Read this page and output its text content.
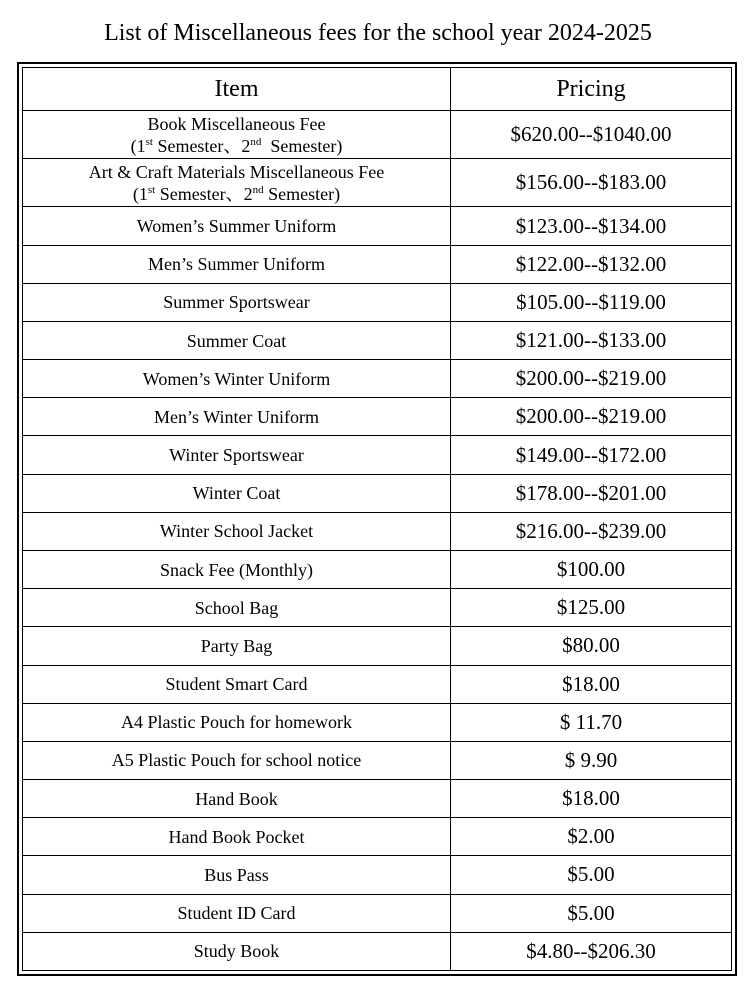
List of Miscellaneous fees for the school year 2024-2025
Item	Pricing
Book Miscellaneous Fee
(1st Semester、2nd  Semester)	$620.00--$1040.00
Art & Craft Materials Miscellaneous Fee
(1st Semester、2nd Semester)	$156.00--$183.00
Women’s Summer Uniform	$123.00--$134.00
Men’s Summer Uniform	$122.00--$132.00
Summer Sportswear	$105.00--$119.00
Summer Coat	$121.00--$133.00
Women’s Winter Uniform	$200.00--$219.00
Men’s Winter Uniform	$200.00--$219.00
Winter Sportswear	$149.00--$172.00
Winter Coat	$178.00--$201.00
Winter School Jacket	$216.00--$239.00
Snack Fee (Monthly)	$100.00
School Bag	$125.00
Party Bag	$80.00
Student Smart Card	$18.00
A4 Plastic Pouch for homework	$ 11.70
A5 Plastic Pouch for school notice	$ 9.90
Hand Book	$18.00
Hand Book Pocket	$2.00
Bus Pass	$5.00
Student ID Card	$5.00
Study Book	$4.80--$206.30
